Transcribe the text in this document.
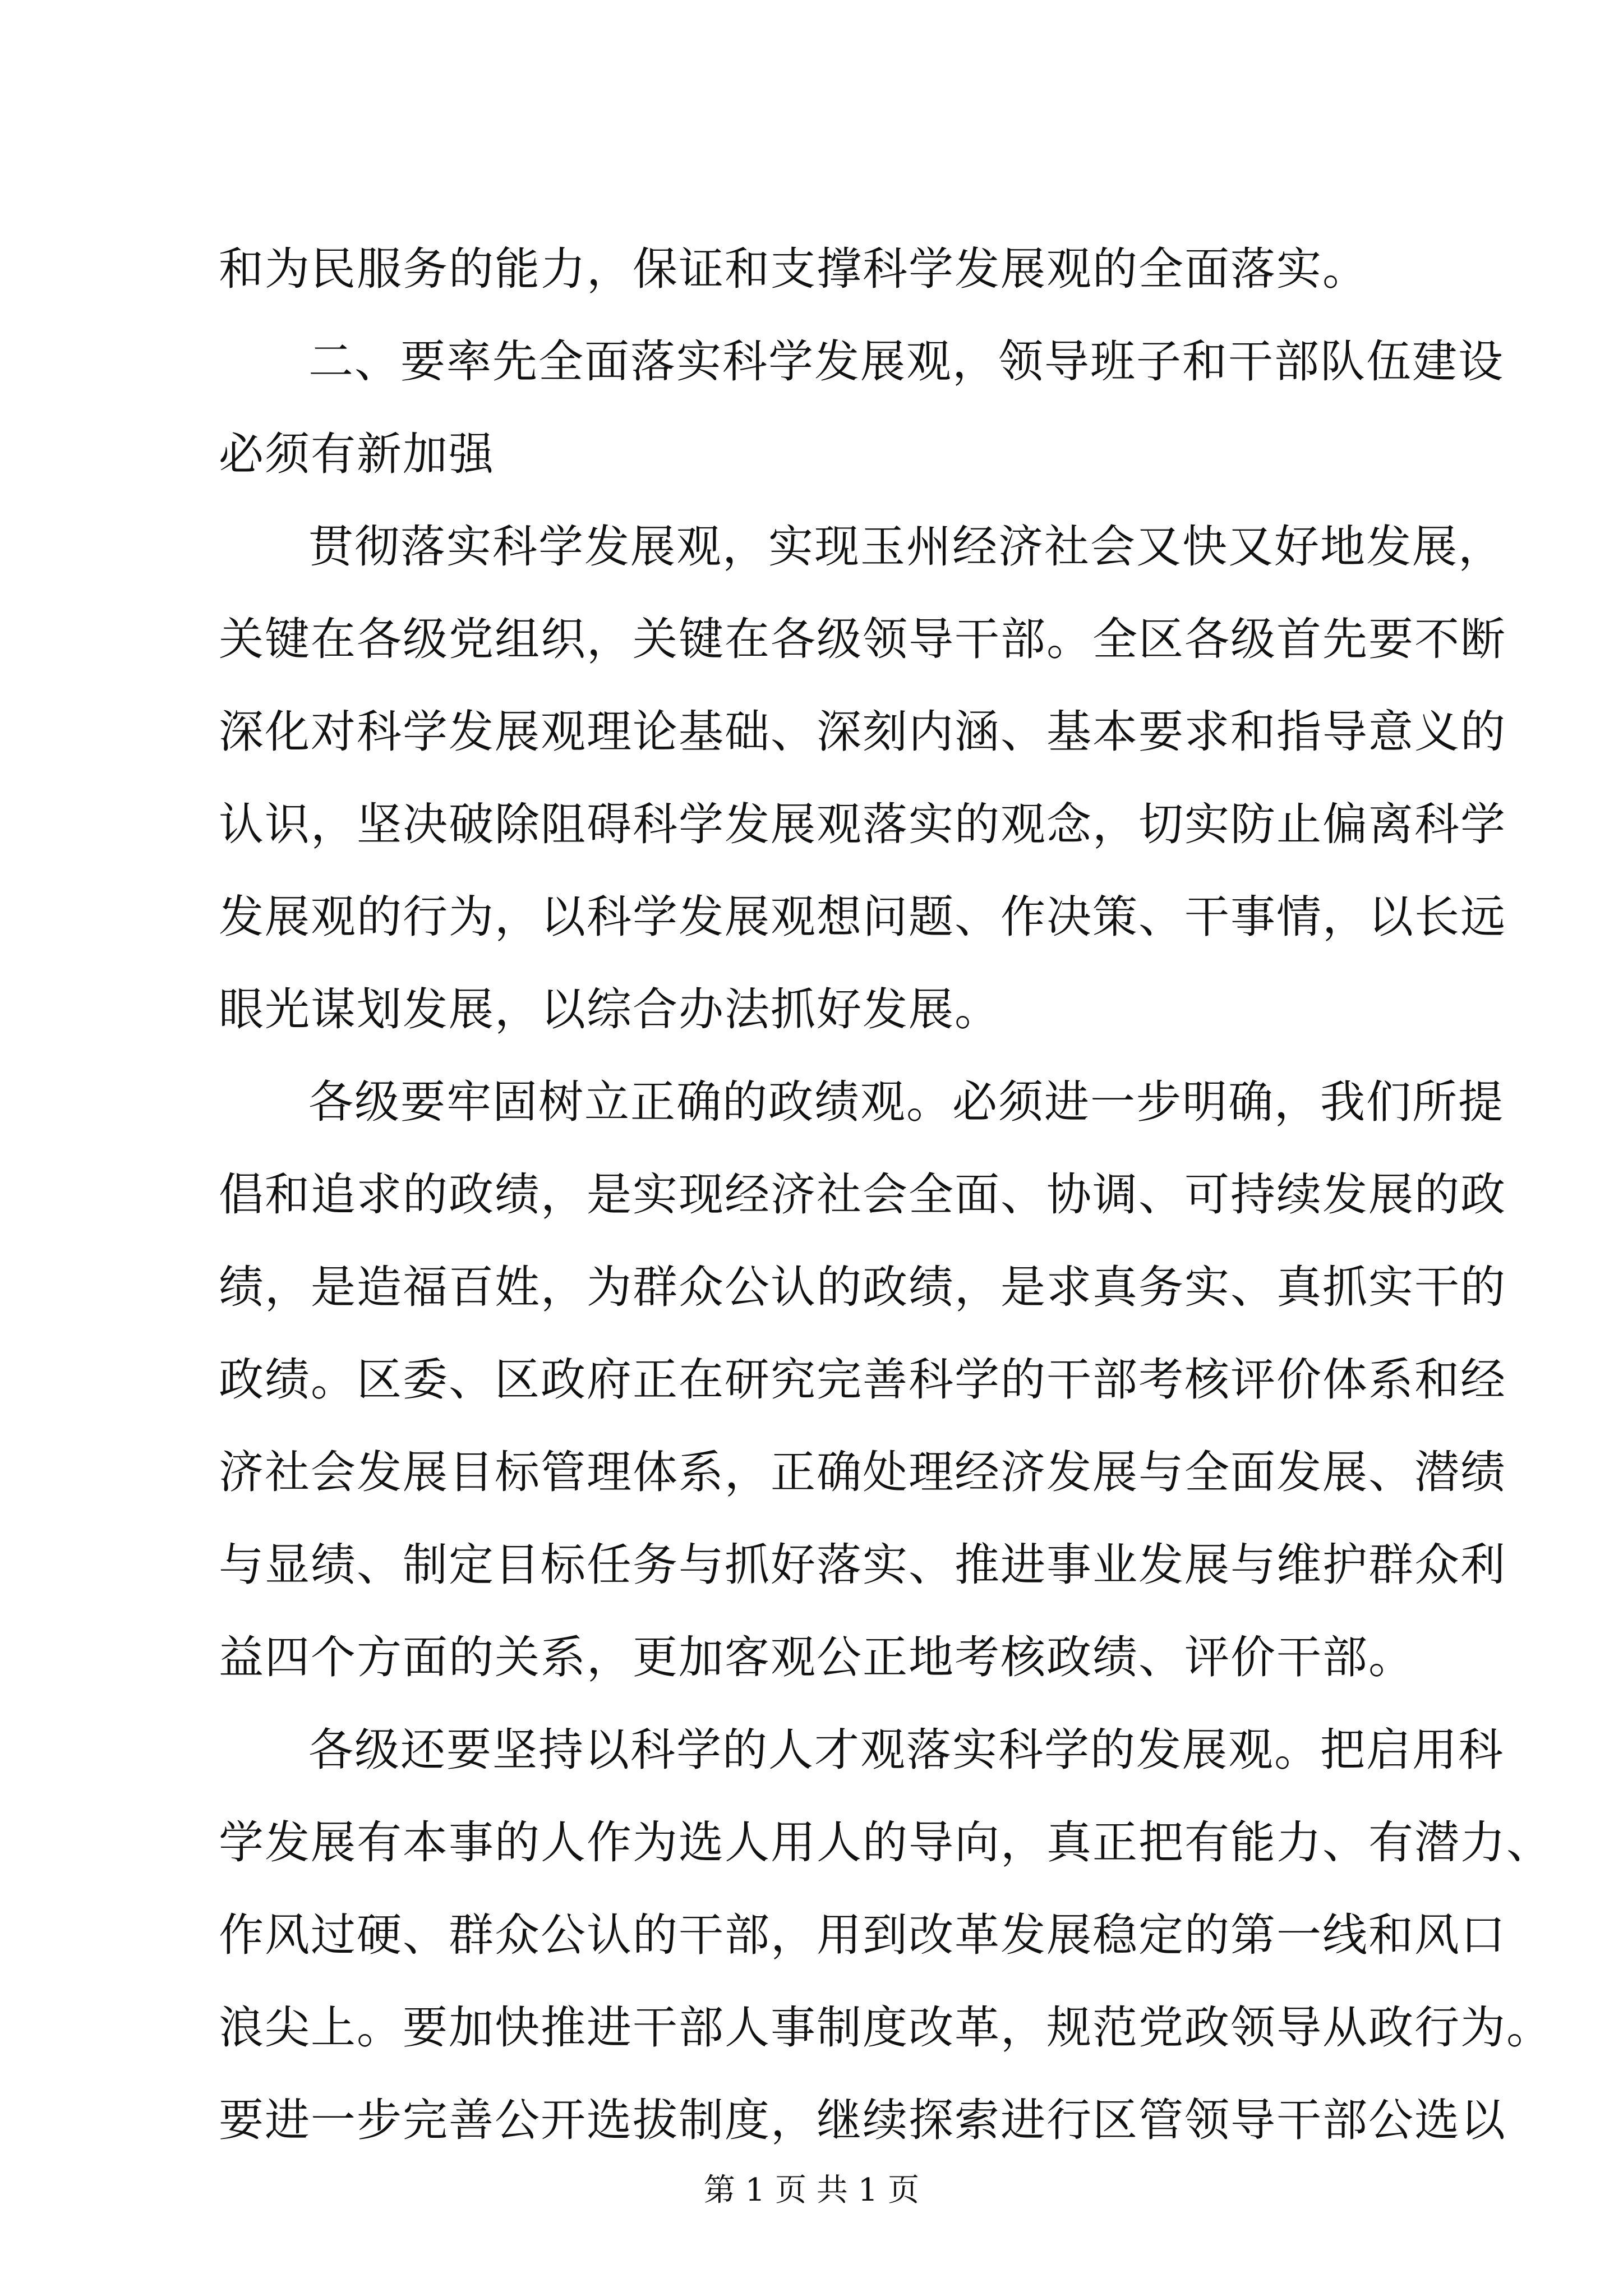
和为民服务的能力，保证和支撑科学发展观的全面落实。
二、要率先全面落实科学发展观，领导班子和干部队伍建设
必须有新加强
贯彻落实科学发展观，实现玉州经济社会又快又好地发展，
关键在各级党组织，关键在各级领导干部。全区各级首先要不断
深化对科学发展观理论基础、深刻内涵、基本要求和指导意义的
认识，坚决破除阻碍科学发展观落实的观念，切实防止偏离科学
发展观的行为，以科学发展观想问题、作决策、干事情，以长远
眼光谋划发展，以综合办法抓好发展。
各级要牢固树立正确的政绩观。必须进一步明确，我们所提
倡和追求的政绩，是实现经济社会全面、协调、可持续发展的政
绩，是造福百姓，为群众公认的政绩，是求真务实、真抓实干的
政绩。区委、区政府正在研究完善科学的干部考核评价体系和经
济社会发展目标管理体系，正确处理经济发展与全面发展、潜绩
与显绩、制定目标任务与抓好落实、推进事业发展与维护群众利
益四个方面的关系，更加客观公正地考核政绩、评价干部。
各级还要坚持以科学的人才观落实科学的发展观。把启用科
学发展有本事的人作为选人用人的导向，真正把有能力、有潜力、
作风过硬、群众公认的干部，用到改革发展稳定的第一线和风口
浪尖上。要加快推进干部人事制度改革，规范党政领导从政行为。
要进一步完善公开选拔制度，继续探索进行区管领导干部公选以
第 1 页 共 1 页
